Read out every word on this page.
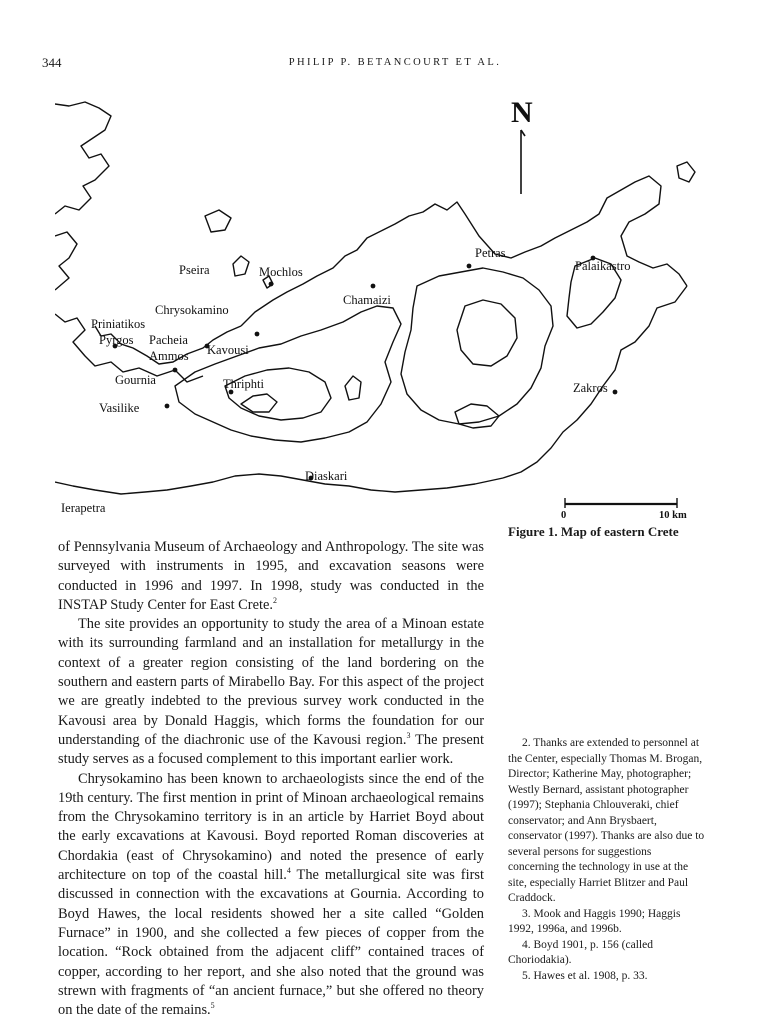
344	PHILIP P. BETANCOURT ET AL.
N
Pseira	Mochlos
Petras
Palaikastro
Chamaizi
Chrysokamino
Priniatikos
Pyrgos Pacheia
Ammos Kavousi
Gournia	Thriphti
Vasilike
Zakros
Diaskari
Ierapetra
0	10 km
Figure 1. Map of eastern Crete

of Pennsylvania Museum of Archaeology and Anthropology. The site was surveyed with instruments in 1995, and excavation seasons were conducted in 1996 and 1997. In 1998, study was conducted in the INSTAP Study Center for East Crete.$^2$

The site provides an opportunity to study the area of a Minoan estate with its surrounding farmland and an installation for metallurgy in the context of a greater region consisting of the land bordering on the southern and eastern parts of Mirabello Bay. For this aspect of the project we are greatly indebted to the previous survey work conducted in the Kavousi area by Donald Haggis, which forms the foundation for our understanding of the diachronic use of the Kavousi region.$^3$ The present study serves as a focused complement to this important earlier work.

Chrysokamino has been known to archaeologists since the end of the 19th century. The first mention in print of Minoan archaeological remains from the Chrysokamino territory is in an article by Harriet Boyd about the early excavations at Kavousi. Boyd reported Roman discoveries at Chordakia (east of Chrysokamino) and noted the presence of early architecture on top of the coastal hill.$^4$ The metallurgical site was first discussed in connection with the excavations at Gournia. According to Boyd Hawes, the local residents showed her a site called “Golden Furnace” in 1900, and she collected a few pieces of copper from the location. “Rock obtained from the adjacent cliff” contained traces of copper, according to her report, and she also noted that the ground was strewn with fragments of “an ancient furnace,” but she offered no theory on the date of the remains.$^5$

2. Thanks are extended to personnel at the Center, especially Thomas M. Brogan, Director; Katherine May, photographer; Westly Bernard, assistant photographer (1997); Stephania Chlouveraki, chief conservator; and Ann Brysbaert, conservator (1997). Thanks are also due to several persons for suggestions concerning the technology in use at the site, especially Harriet Blitzer and Paul Craddock.

3. Mook and Haggis 1990; Haggis 1992, 1996a, and 1996b.

4. Boyd 1901, p. 156 (called Choriodakia).

5. Hawes et al. 1908, p. 33.
